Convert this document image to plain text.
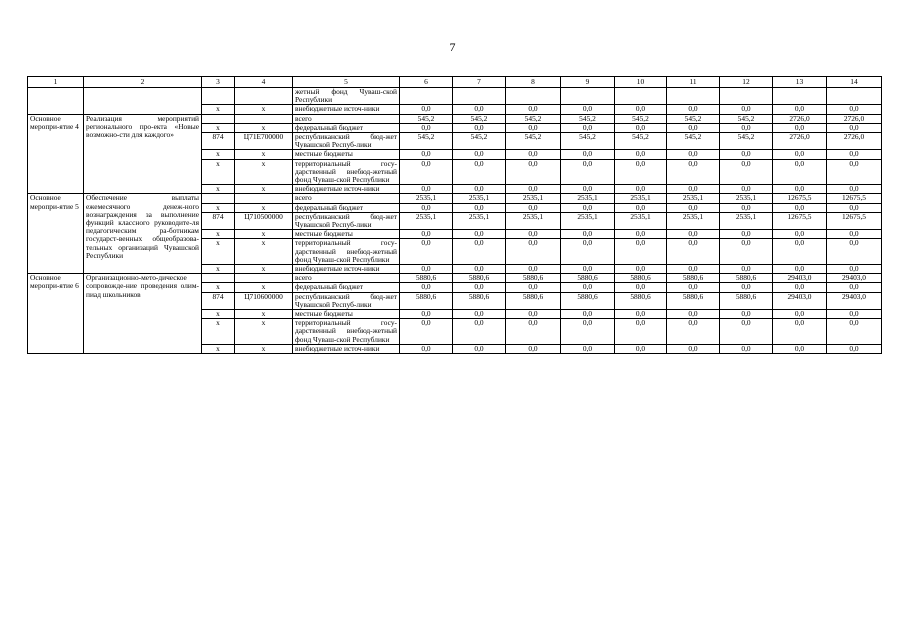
7
1	2	3	4	5	6	7	8	9	10	11	12	13	14
				жетный фонд Чуваш-ской Республики									
		x	x	внебюджетные источ-ники	0,0	0,0	0,0	0,0	0,0	0,0	0,0	0,0	0,0
Основное меропри-ятие 4	Реализация мероприятий регионального про-екта «Новые возможно-сти для каждого»			всего	545,2	545,2	545,2	545,2	545,2	545,2	545,2	2726,0	2726,0
		x	x	федеральный бюджет	0,0	0,0	0,0	0,0	0,0	0,0	0,0	0,0	0,0
		874	Ц71Е700000	республиканский бюд-жет Чувашской Респуб-лики	545,2	545,2	545,2	545,2	545,2	545,2	545,2	2726,0	2726,0
		x	x	местные бюджеты	0,0	0,0	0,0	0,0	0,0	0,0	0,0	0,0	0,0
		x	x	территориальный госу-дарственный внебюд-жетный фонд Чуваш-ской Республики	0,0	0,0	0,0	0,0	0,0	0,0	0,0	0,0	0,0
		x	x	внебюджетные источ-ники	0,0	0,0	0,0	0,0	0,0	0,0	0,0	0,0	0,0
Основное меропри-ятие 5	Обеспечение выплаты ежемесячного денеж-ного вознаграждения за выполнение функций классного руководите-ля педагогическим ра-ботникам государст-венных общеобразова-тельных организаций Чувашской Республики			всего	2535,1	2535,1	2535,1	2535,1	2535,1	2535,1	2535,1	12675,5	12675,5
		x	x	федеральный бюджет	0,0	0,0	0,0	0,0	0,0	0,0	0,0	0,0	0,0
		874	Ц710500000	республиканский бюд-жет Чувашской Респуб-лики	2535,1	2535,1	2535,1	2535,1	2535,1	2535,1	2535,1	12675,5	12675,5
		x	x	местные бюджеты	0,0	0,0	0,0	0,0	0,0	0,0	0,0	0,0	0,0
		x	x	территориальный госу-дарственный внебюд-жетный фонд Чуваш-ской Республики	0,0	0,0	0,0	0,0	0,0	0,0	0,0	0,0	0,0
		x	x	внебюджетные источ-ники	0,0	0,0	0,0	0,0	0,0	0,0	0,0	0,0	0,0
Основное меропри-ятие 6	Организационно-мето-дическое сопровожде-ние проведения олим-пиад школьников			всего	5880,6	5880,6	5880,6	5880,6	5880,6	5880,6	5880,6	29403,0	29403,0
		x	x	федеральный бюджет	0,0	0,0	0,0	0,0	0,0	0,0	0,0	0,0	0,0
		874	Ц710600000	республиканский бюд-жет Чувашской Респуб-лики	5880,6	5880,6	5880,6	5880,6	5880,6	5880,6	5880,6	29403,0	29403,0
		x	x	местные бюджеты	0,0	0,0	0,0	0,0	0,0	0,0	0,0	0,0	0,0
		x	x	территориальный госу-дарственный внебюд-жетный фонд Чуваш-ской Республики	0,0	0,0	0,0	0,0	0,0	0,0	0,0	0,0	0,0
		x	x	внебюджетные источ-ники	0,0	0,0	0,0	0,0	0,0	0,0	0,0	0,0	0,0
